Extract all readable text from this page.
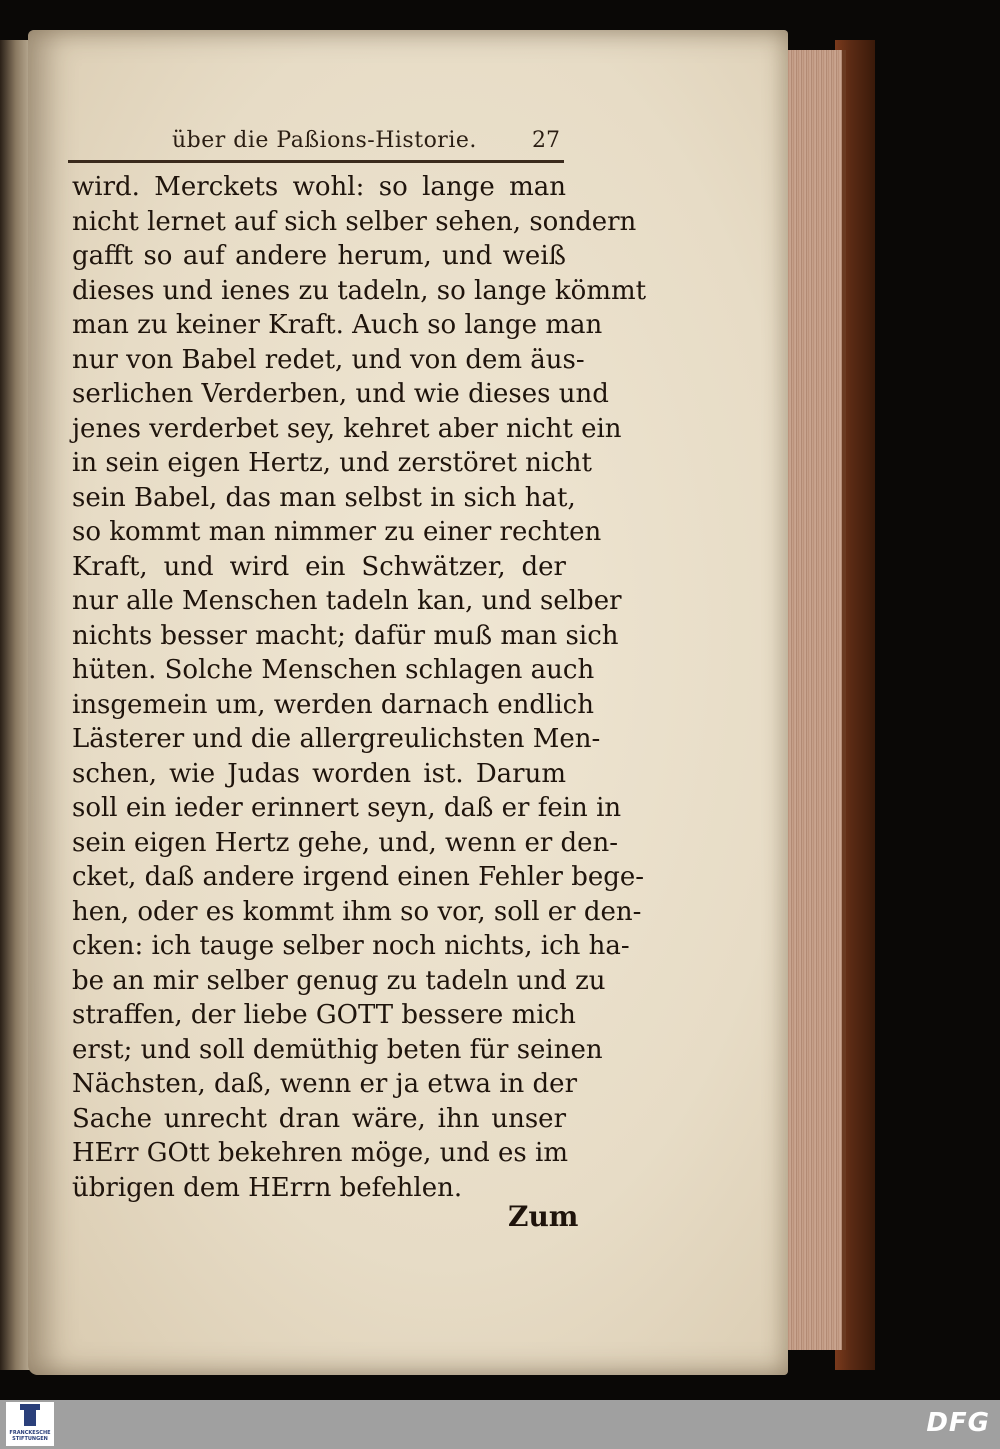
über die Paßions-Historie.	27
wird. Merckets wohl: so lange man
nicht lernet auf sich selber sehen, sondern
gafft so auf andere herum, und weiß
dieses und ienes zu tadeln, so lange kömmt
man zu keiner Kraft. Auch so lange man
nur von Babel redet, und von dem äus-
serlichen Verderben, und wie dieses und
jenes verderbet sey, kehret aber nicht ein
in sein eigen Hertz, und zerstöret nicht
sein Babel, das man selbst in sich hat,
so kommt man nimmer zu einer rechten
Kraft, und wird ein Schwätzer, der
nur alle Menschen tadeln kan, und selber
nichts besser macht; dafür muß man sich
hüten. Solche Menschen schlagen auch
insgemein um, werden darnach endlich
Lästerer und die allergreulichsten Men-
schen, wie Judas worden ist. Darum
soll ein ieder erinnert seyn, daß er fein in
sein eigen Hertz gehe, und, wenn er den-
cket, daß andere irgend einen Fehler bege-
hen, oder es kommt ihm so vor, soll er den-
cken: ich tauge selber noch nichts, ich ha-
be an mir selber genug zu tadeln und zu
straffen, der liebe GOTT bessere mich
erst; und soll demüthig beten für seinen
Nächsten, daß, wenn er ja etwa in der
Sache unrecht dran wäre, ihn unser
HErr GOtt bekehren möge, und es im
übrigen dem HErrn befehlen.
Zum
FRANCKESCHE STIFTUNGEN
DFG
